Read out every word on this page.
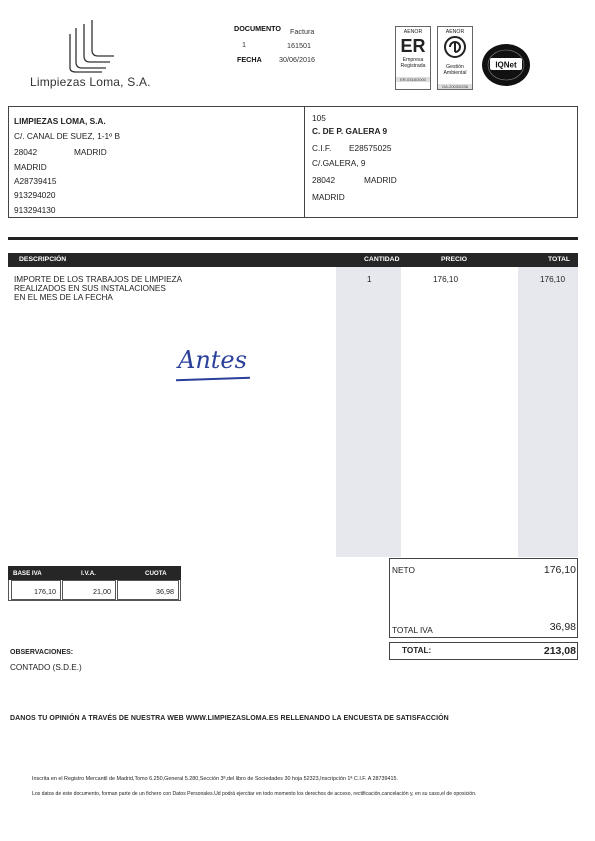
Limpiezas Loma, S.A.
DOCUMENTO Factura
1	161501
FECHA 30/06/2016
AENOR
ER
Empresa Registrada
ER-0318/2000
AENOR
Gestión Ambiental
GA-2003/0236
IQNet
LIMPIEZAS LOMA, S.A.
C/. CANAL DE SUEZ, 1-1º B
28042	MADRID
MADRID
A28739415
913294020
913294130
105
C. DE P. GALERA 9
C.I.F. E28575025
C/.GALERA, 9
28042	MADRID
MADRID
DESCRIPCIÓN	CANTIDAD	PRECIO	TOTAL
IMPORTE DE LOS TRABAJOS DE LIMPIEZA
REALIZADOS EN SUS INSTALACIONES
EN EL MES DE LA FECHA
1	176,10	176,10
Antes
BASE IVA	I.V.A.	CUOTA
176,10	21,00	36,98
NETO	176,10
TOTAL IVA	36,98
TOTAL:	213,08
OBSERVACIONES:
CONTADO (S.D.E.)
DANOS TU OPINIÓN A TRAVÉS DE NUESTRA WEB WWW.LIMPIEZASLOMA.ES RELLENANDO LA ENCUESTA DE SATISFACCIÓN
Inscrita en el Registro Mercantil de Madrid,Tomo 6.250,General 5.280,Sección 3ª,del libro de Sociedades 30 hoja 52323,Inscripción 1ª C.I.F. A 28739415.
Los datos de este documento, forman parte de un fichero con Datos Personales.Ud podrá ejercitar en todo momento los derechos de acceso, rectificación,cancelación y, en su caso,el de oposición.
